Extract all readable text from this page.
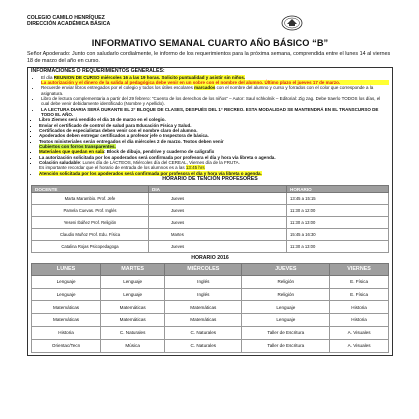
COLEGIO CAMILO HENRÍQUEZ
DIRECCIÓN ACADÉMICA BÁSICA
INFORMATIVO SEMANAL CUARTO AÑO BÁSICO “B”
Señor Apoderado: Junto con saludarlo cordialmente, le informo de los requerimientos para la próxima semana, comprendida entre el lunes 14 al viernes 18 de marzo del año en curso.
INFORMACIONES O REQUERIMIENTOS GENERALES:
• El día REUNION DE CURSO miércoles 16 a las 19 horas. Solicito puntualidad y asistir sin niños.
La autorización y el dinero de la salida al pedagógica debe venir en un sobre con el nombre del alumno. Último plazo el jueves 17 de marzo.
• Recuerde enviar libros entregados por el colegio y todos los útiles escolares marcados con el nombre del alumno y curso y forrados con el color que corresponde a la asignatura.
• Libro de lectura complementaria a partir del 29 febrero: “Cuento de los derechos de los niños” – Autor: Saul schkolnik – Editorial: Zig zag. Debe traerlo TODOS los días, el cual debe venir debidamente identificado (Nombre y Apellido).
• LA LECTURA DIARIA SERÁ DURANTE EL 2° BLOQUE DE CLASES, DESPUÉS DEL 1° RECREO. ESTA MODALIDAD SE MANTENDRÁ EN EL TRANSCURSO DE TODO EL AÑO.
▪ Libro Ziemex será vendido el día 16 de marzo en el colegio.
▪ Enviar el certificado de control de salud para Educación Física y Salud.
▪ Certificados de especialistas deben venir con el nombre claro del alumno.
▪ Apoderados deben entregar certificados a profesor jefe o Inspectora de básica.
▪ Textos ministeriales serán entregados el día miércoles 2 de marzo. Textos deben venir
Cubiertos con forros transparentes.
▪ Materiales que quedan en sala: Block de dibujo, pendrive y cuaderno de caligrafix
▪ La autorización solicitada por los apoderados será confirmada por profesora el día y hora vía libreta o agenda.
▪ Colación saludable: Lunes día de LÁCTEOS, Miércoles día del CEREAL, Viernes día de la FRUTA.
Es importante recordar que el horario de entrada de los alumnos es a las 13:45 hrs
• Atención solicitada por los apoderados será confirmada por profesora el día y hora vía libreta o agenda.
HORARIO DE TENCIÓN PROFESORES
DOCENTE	DIA	HORARIO
Marta Marambio. Prof. Jefe	Jueves	13:45 a 15:15
Pamela Cuevas. Prof. Inglés	Jueves	11:30 a 12:00
Yeseni Ibáñez Prof. Religión	Jueves	11:30 a 13:00
Claudio Muñoz Prof. Edu. Física	Martes	15:45 a 16:30
Catalina Rojas Psicopedagoga	Jueves	11:30 a 13:00
HORARIO 2016
LUNES	MARTES	MIÉRCOLES	JUEVES	VIERNES
Lenguaje	Lenguaje	Inglés	Religión	E. Física
Lenguaje	Lenguaje	Inglés	Religión	E. Física
Matemáticas	Matemáticas	Matemáticas	Lenguaje	Historia
Matemáticas	Matemáticas	Matemáticas	Lenguaje	Historia
Historia	C. Naturales	C. Naturales	Taller de Escritura	A. Visuales
Orientac/Tecn	Música	C. Naturales	Taller de Escritura	A. Visuales
